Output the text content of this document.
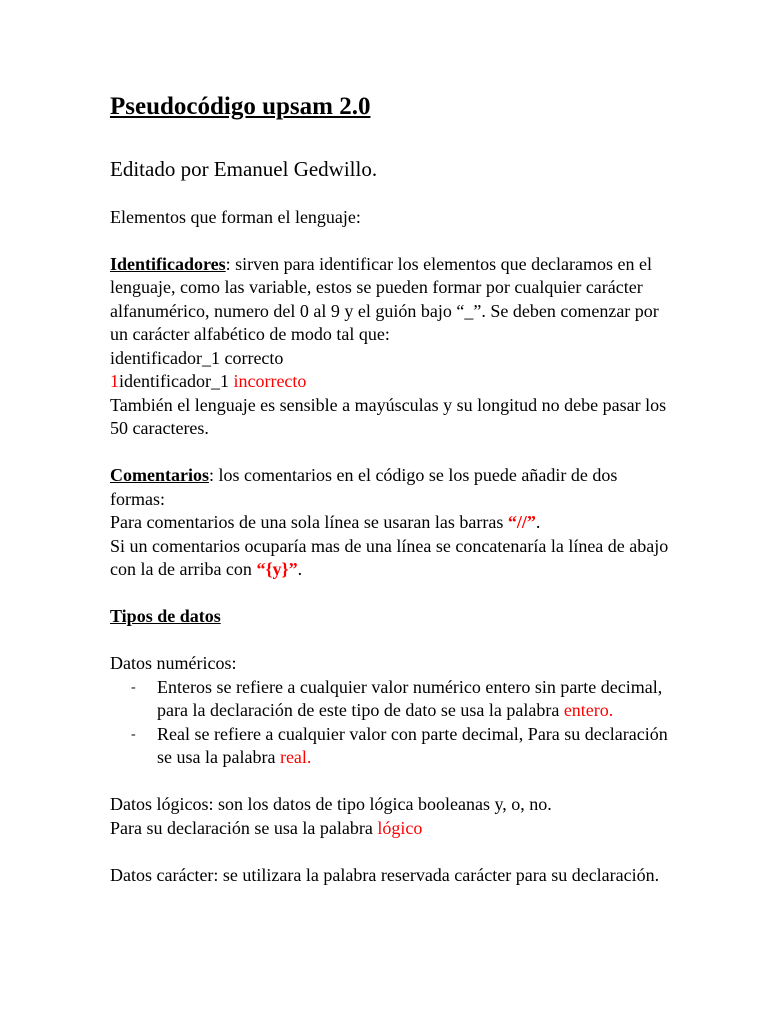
Pseudocódigo upsam 2.0

Editado por Emanuel Gedwillo.

Elementos que forman el lenguaje:

Identificadores: sirven para identificar los elementos que declaramos en el lenguaje, como las variable, estos se pueden formar por cualquier carácter alfanumérico, numero del 0 al 9 y el guión bajo “_”. Se deben comenzar por un carácter alfabético de modo tal que:

identificador_1 correcto

1identificador_1 incorrecto

También el lenguaje es sensible a mayúsculas y su longitud no debe pasar los 50 caracteres.

Comentarios: los comentarios en el código se los puede añadir de dos formas:

Para comentarios de una sola línea se usaran las barras “//”.

Si un comentarios ocuparía mas de una línea se concatenaría la línea de abajo con la de arriba con “{y}”.

Tipos de datos

Datos numéricos:

- Enteros se refiere a cualquier valor numérico entero sin parte decimal, para la declaración de este tipo de dato se usa la palabra entero.
- Real se refiere a cualquier valor con parte decimal, Para su declaración se usa la palabra real.

Datos lógicos: son los datos de tipo lógica booleanas y, o, no.

Para su declaración se usa la palabra lógico

Datos carácter: se utilizara la palabra reservada carácter para su declaración.
